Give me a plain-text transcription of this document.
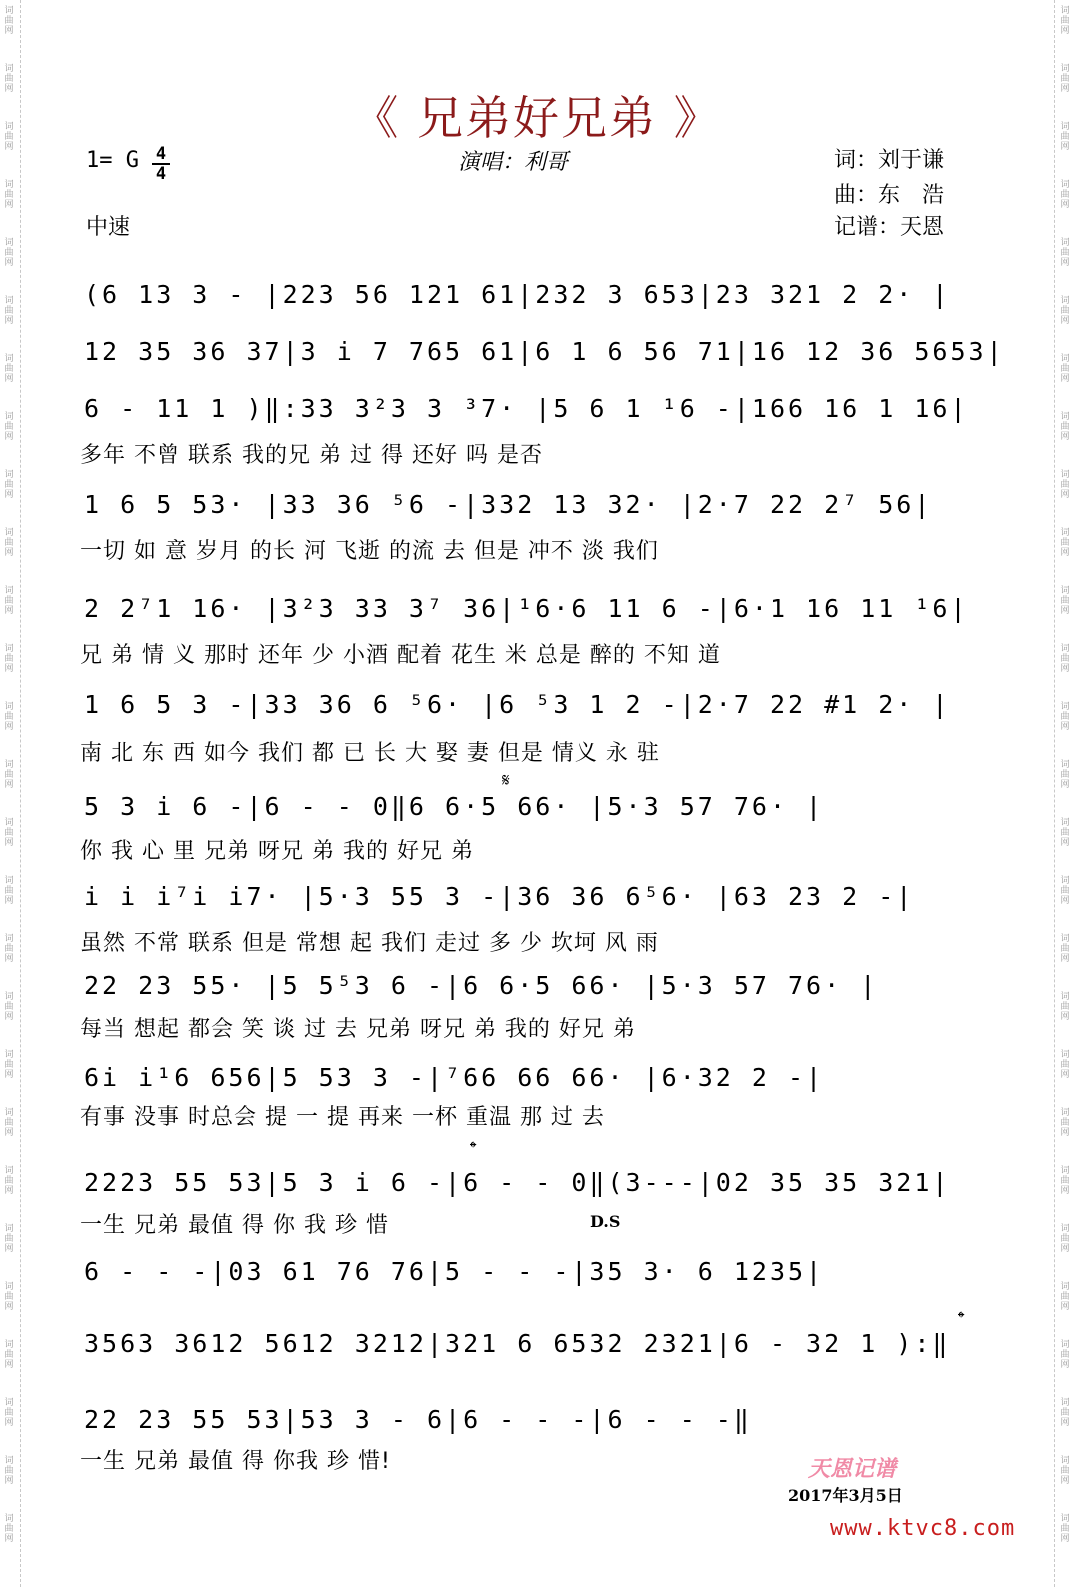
词
曲
网
词
曲
网
词
曲
网
词
曲
网
词
曲
网
词
曲
网
词
曲
网
词
曲
网
词
曲
网
词
曲
网
词
曲
网
词
曲
网
词
曲
网
词
曲
网
词
曲
网
词
曲
网
词
曲
网
词
曲
网
词
曲
网
词
曲
网
词
曲
网
词
曲
网
词
曲
网
词
曲
网
词
曲
网
词
曲
网
词
曲
网
词
曲
网
词
曲
网
词
曲
网
词
曲
网
词
曲
网
词
曲
网
词
曲
网
词
曲
网
词
曲
网
词
曲
网
词
曲
网
词
曲
网
词
曲
网
词
曲
网
词
曲
网
词
曲
网
词
曲
网
词
曲
网
词
曲
网
词
曲
网
词
曲
网
词
曲
网
词
曲
网
词
曲
网
词
曲
网
词
曲
网
词
曲
网
《 兄弟好兄弟 》
1= G 4
4	演唱：利哥	词：刘于谦
曲：东　浩
记谱：天恩
中速
(6 13 3 - |223 56 121 61|232 3 653|23 321 2 2· |
12 35 36 37|3 i 7 765 61|6 1 6 56 71|16 12 36 5653|
6 - 11 1 )‖:33 3²3 3 ³7· |5 6 1 ¹6 -|166 16 1 16|
多年 不曾 联系 我的兄 弟 过 得 还好 吗 是否
1 6 5 53· |33 36 ⁵6 -|332 13 32· |2·7 22 2⁷ 56|
一切 如 意 岁月 的长 河 飞逝 的流 去 但是 冲不 淡 我们
2 2⁷1 16· |3²3 33 3⁷ 36|¹6·6 11 6 -|6·1 16 11 ¹6|
兄 弟 情 义 那时 还年 少 小酒 配着 花生 米 总是 醉的 不知 道
1 6 5 3 -|33 36 6 ⁵6· |6 ⁵3 1 2 -|2·7 22 #1 2· |
南 北 东 西 如今 我们 都 已 长 大 娶 妻 但是 情义 永 驻
5 3 i 6 -|6 - - 0‖6 6·5 66· |5·3 57 76· |
你 我 心 里 兄弟 呀兄 弟 我的 好兄 弟
i i i⁷i i7· |5·3 55 3 -|36 36 6⁵6· |63 23 2 -|
虽然 不常 联系 但是 常想 起 我们 走过 多 少 坎坷 风 雨
22 23 55· |5 5⁵3 6 -|6 6·5 66· |5·3 57 76· |
每当 想起 都会 笑 谈 过 去 兄弟 呀兄 弟 我的 好兄 弟
6i i¹6 656|5 53 3 -|⁷66 66 66· |6·32 2 -|
有事 没事 时总会 提 一 提 再来 一杯 重温 那 过 去
2223 55 53|5 3 i 6 -|6 - - 0‖(3---|02 35 35 321|
一生 兄弟 最值 得 你 我 珍 惜
6 - - -|03 61 76 76|5 - - -|35 3· 6 1235|
3563 3612 5612 3212|321 6 6532 2321|6 - 32 1 ):‖
22 23 55 53|53 3 - 6|6 - - -|6 - - -‖
一生 兄弟 最值 得 你我 珍 惜!
𝄋
𝄌
𝄌
D.S
天恩记谱
2017年3月5日
www.ktvc8.com
